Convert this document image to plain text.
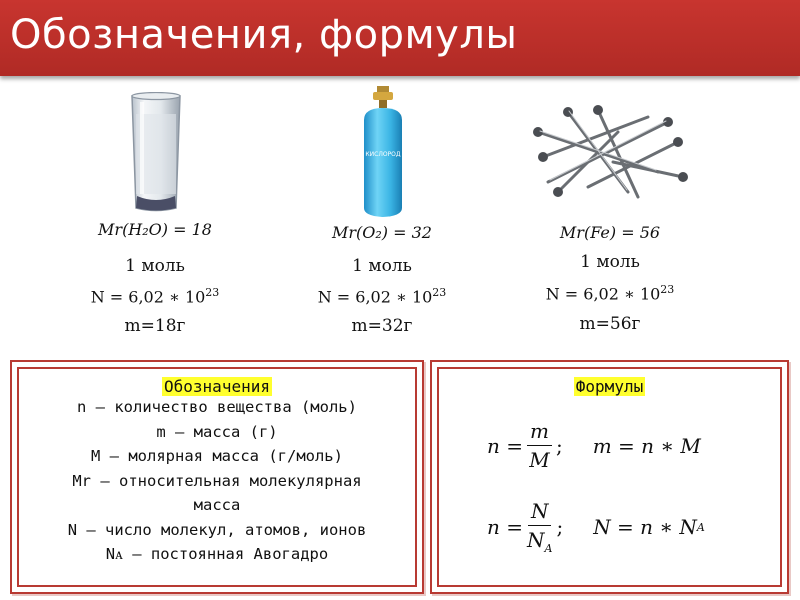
Обозначения, формулы
КИСЛОРОД
Mr(H₂O) = 18
1 моль
N = 6,02 ∗ $10^{23}$
m=18г
Mr(O₂) = 32
1 моль
N = 6,02 ∗ $10^{23}$
m=32г
Mr(Fe) = 56
1 моль
N = 6,02 ∗ $10^{23}$
m=56г
Обозначения
n – количество вещества (моль)
m – масса (г)
M – молярная масса (г/моль)
Mr – относительная молекулярная
масса
N – число молекул, атомов, ионов
Nᴀ – постоянная Авогадро
Формулы
$n = \frac{m}{M}$ ; m = n ∗ M
$n = \frac{N}{N_A}$ ; N = n ∗ N A
